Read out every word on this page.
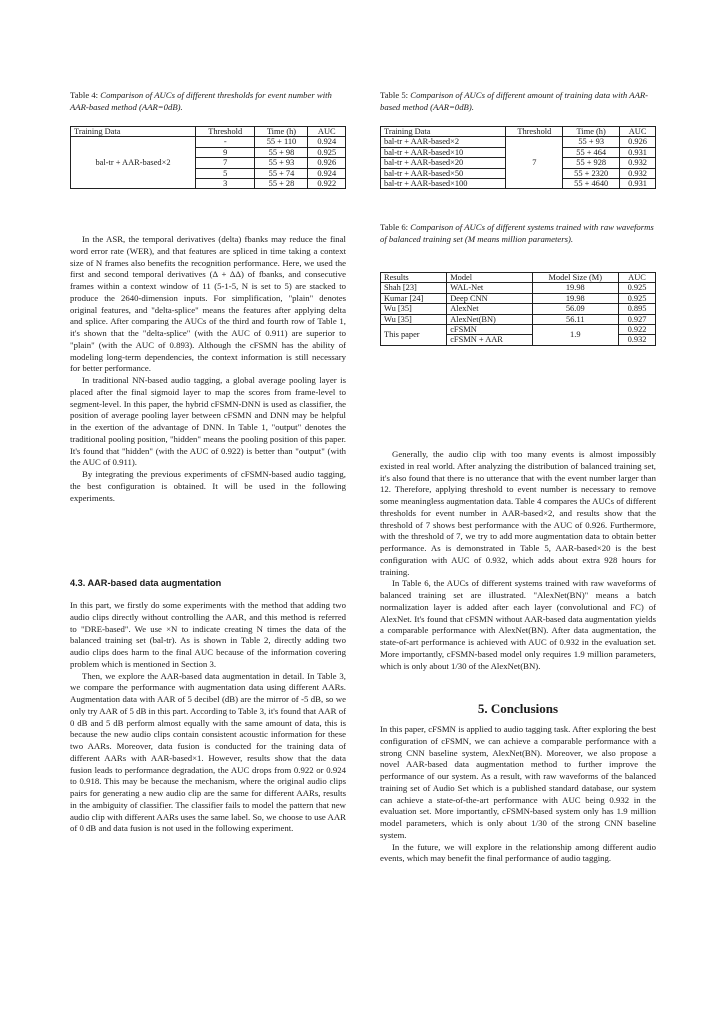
Table 4: Comparison of AUCs of different thresholds for event number with AAR-based method (AAR=0dB).
Training Data	Threshold	Time (h)	AUC
bal-tr + AAR-based×2	-	55 + 110	0.924
	9	55 + 98	0.925
	7	55 + 93	0.926
	5	55 + 74	0.924
	3	55 + 28	0.922

In the ASR, the temporal derivatives (delta) fbanks may reduce the final word error rate (WER), and that features are spliced in time taking a context size of N frames also benefits the recognition performance. Here, we used the first and second temporal derivatives (Δ + ΔΔ) of fbanks, and consecutive frames within a context window of 11 (5-1-5, N is set to 5) are stacked to produce the 2640-dimension inputs. For simplification, "plain" denotes original features, and "delta-splice" means the features after applying delta and splice. After comparing the AUCs of the third and fourth row of Table 1, it's shown that the "delta-splice" (with the AUC of 0.911) are superior to "plain" (with the AUC of 0.893). Although the cFSMN has the ability of modeling long-term dependencies, the context information is still necessary for better performance.

In traditional NN-based audio tagging, a global average pooling layer is placed after the final sigmoid layer to map the scores from frame-level to segment-level. In this paper, the hybrid cFSMN-DNN is used as classifier, the position of average pooling layer between cFSMN and DNN may be helpful in the exertion of the advantage of DNN. In Table 1, "output" denotes the traditional pooling position, "hidden" means the pooling position of this paper. It's found that "hidden" (with the AUC of 0.922) is better than "output" (with the AUC of 0.911).

By integrating the previous experiments of cFSMN-based audio tagging, the best configuration is obtained. It will be used in the following experiments.

4.3. AAR-based data augmentation

In this part, we firstly do some experiments with the method that adding two audio clips directly without controlling the AAR, and this method is referred to "DRE-based". We use ×N to indicate creating N times the data of the balanced training set (bal-tr). As is shown in Table 2, directly adding two audio clips does harm to the final AUC because of the information covering problem which is mentioned in Section 3.

Then, we explore the AAR-based data augmentation in detail. In Table 3, we compare the performance with augmentation data using different AARs. Augmentation data with AAR of 5 decibel (dB) are the mirror of -5 dB, so we only try AAR of 5 dB in this part. According to Table 3, it's found that AAR of 0 dB and 5 dB perform almost equally with the same amount of data, this is because the new audio clips contain consistent acoustic information for these two AARs. Moreover, data fusion is conducted for the training data of different AARs with AAR-based×1. However, results show that the data fusion leads to performance degradation, the AUC drops from 0.922 or 0.924 to 0.918. This may be because the mechanism, where the original audio clips pairs for generating a new audio clip are the same for different AARs, results in the ambiguity of classifier. The classifier fails to model the pattern that new audio clip with different AARs uses the same label. So, we choose to use AAR of 0 dB and data fusion is not used in the following experiment.

Table 5: Comparison of AUCs of different amount of training data with AAR-based method (AAR=0dB).
Training Data	Threshold	Time (h)	AUC
bal-tr + AAR-based×2	7	55 + 93	0.926
bal-tr + AAR-based×10		55 + 464	0.931
bal-tr + AAR-based×20		55 + 928	0.932
bal-tr + AAR-based×50		55 + 2320	0.932
bal-tr + AAR-based×100		55 + 4640	0.931
Table 6: Comparison of AUCs of different systems trained with raw waveforms of balanced training set (M means million parameters).
Results	Model	Model Size (M)	AUC
Shah [23]	WAL-Net	19.98	0.925
Kumar [24]	Deep CNN	19.98	0.925
Wu [35]	AlexNet	56.09	0.895
Wu [35]	AlexNet(BN)	56.11	0.927
This paper	cFSMN	1.9	0.922
	cFSMN + AAR		0.932

Generally, the audio clip with too many events is almost impossibly existed in real world. After analyzing the distribution of balanced training set, it's also found that there is no utterance that with the event number larger than 12. Therefore, applying threshold to event number is necessary to remove some meaningless augmentation data. Table 4 compares the AUCs of different thresholds for event number in AAR-based×2, and results show that the threshold of 7 shows best performance with the AUC of 0.926. Furthermore, with the threshold of 7, we try to add more augmentation data to obtain better performance. As is demonstrated in Table 5, AAR-based×20 is the best configuration with AUC of 0.932, which adds about extra 928 hours for training.

In Table 6, the AUCs of different systems trained with raw waveforms of balanced training set are illustrated. "AlexNet(BN)" means a batch normalization layer is added after each layer (convolutional and FC) of AlexNet. It's found that cFSMN without AAR-based data augmentation yields a comparable performance with AlexNet(BN). After data augmentation, the state-of-art performance is achieved with AUC of 0.932 in the evaluation set. More importantly, cFSMN-based model only requires 1.9 million parameters, which is only about 1/30 of the AlexNet(BN).

5. Conclusions

In this paper, cFSMN is applied to audio tagging task. After exploring the best configuration of cFSMN, we can achieve a comparable performance with a strong CNN baseline system, AlexNet(BN). Moreover, we also propose a novel AAR-based data augmentation method to further improve the performance of our system. As a result, with raw waveforms of the balanced training set of Audio Set which is a published standard database, our system can achieve a state-of-the-art performance with AUC being 0.932 in the evaluation set. More importantly, cFSMN-based system only has 1.9 million model parameters, which is only about 1/30 of the strong CNN baseline system.

In the future, we will explore in the relationship among different audio events, which may benefit the final performance of audio tagging.
